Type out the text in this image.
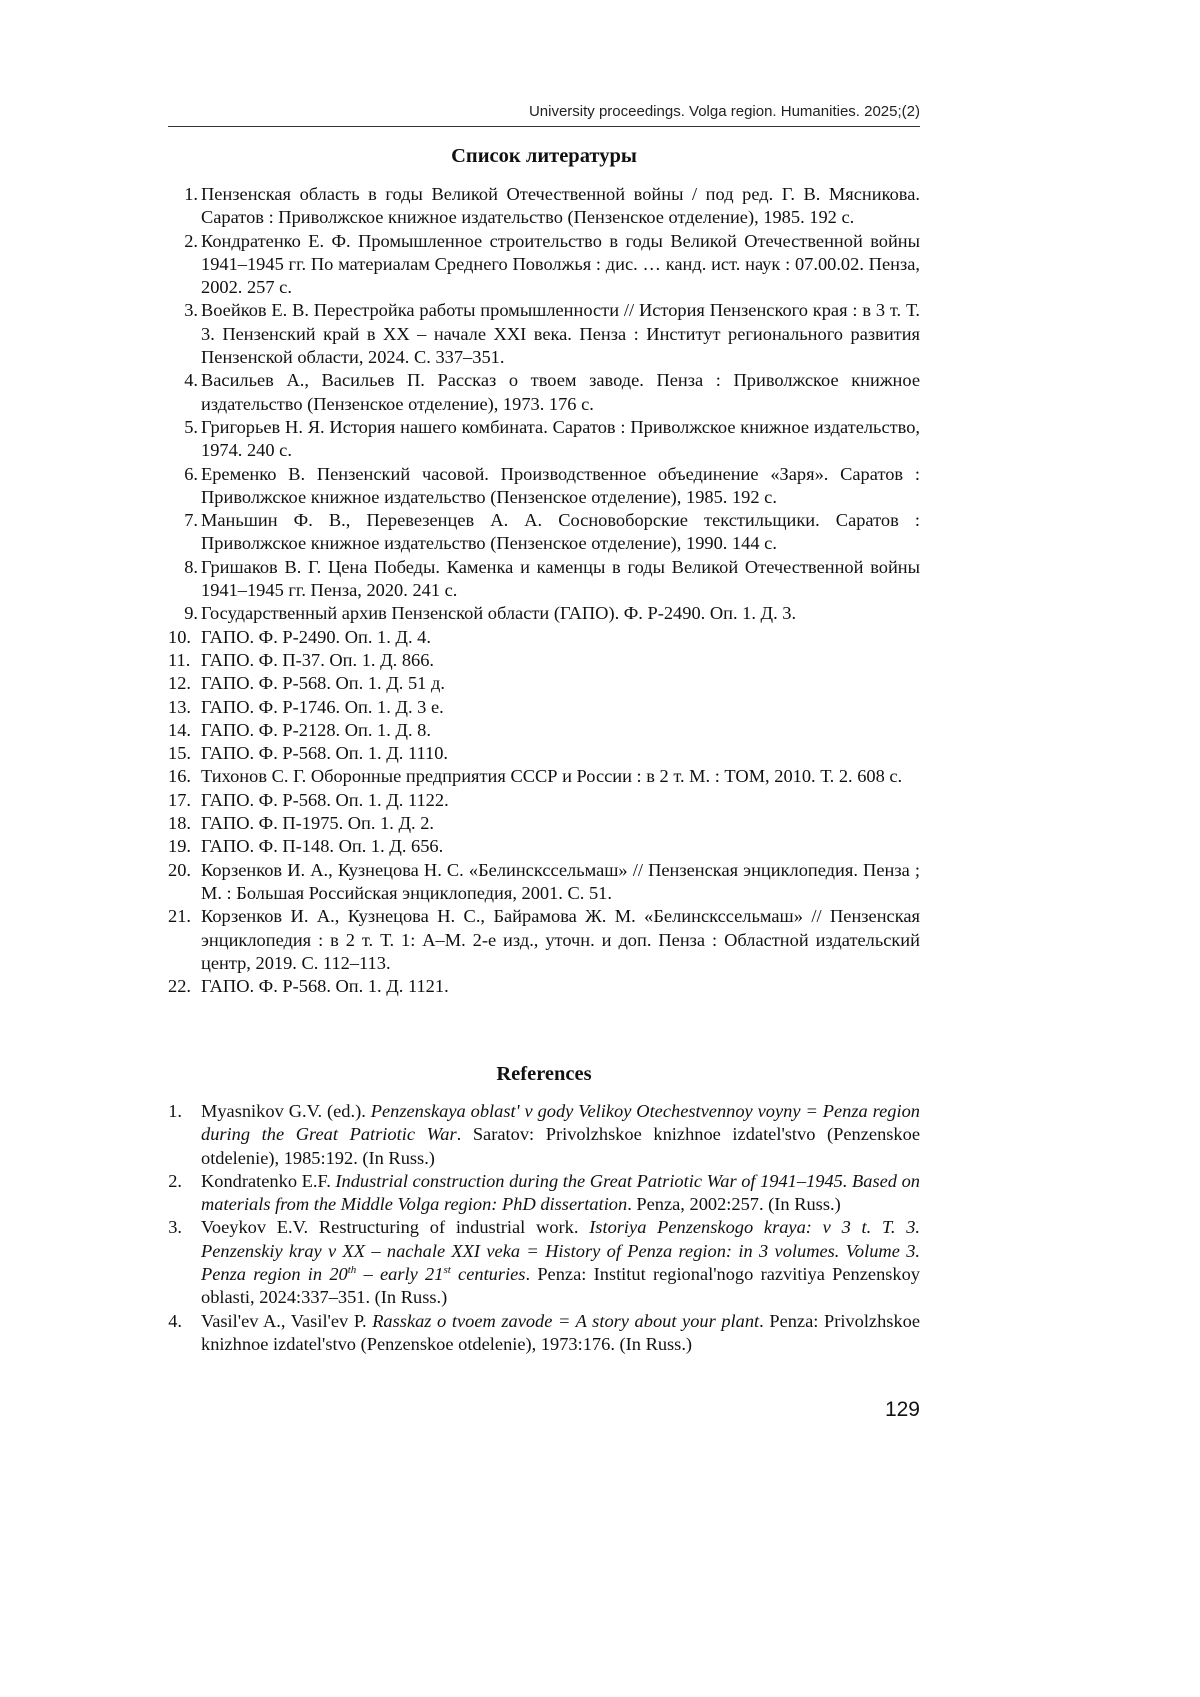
University proceedings. Volga region. Humanities. 2025;(2)
Список литературы
1. Пензенская область в годы Великой Отечественной войны / под ред. Г. В. Мясникова. Саратов : Приволжское книжное издательство (Пензенское отделение), 1985. 192 с.
2. Кондратенко Е. Ф. Промышленное строительство в годы Великой Отечественной войны 1941–1945 гг. По материалам Среднего Поволжья : дис. … канд. ист. наук : 07.00.02. Пенза, 2002. 257 с.
3. Воейков Е. В. Перестройка работы промышленности // История Пензенского края : в 3 т. Т. 3. Пензенский край в XX – начале XXI века. Пенза : Институт регионального развития Пензенской области, 2024. С. 337–351.
4. Васильев А., Васильев П. Рассказ о твоем заводе. Пенза : Приволжское книжное издательство (Пензенское отделение), 1973. 176 с.
5. Григорьев Н. Я. История нашего комбината. Саратов : Приволжское книжное издательство, 1974. 240 с.
6. Еременко В. Пензенский часовой. Производственное объединение «Заря». Саратов : Приволжское книжное издательство (Пензенское отделение), 1985. 192 с.
7. Маньшин Ф. В., Перевезенцев А. А. Сосновоборские текстильщики. Саратов : Приволжское книжное издательство (Пензенское отделение), 1990. 144 с.
8. Гришаков В. Г. Цена Победы. Каменка и каменцы в годы Великой Отечественной войны 1941–1945 гг. Пенза, 2020. 241 с.
9. Государственный архив Пензенской области (ГАПО). Ф. Р-2490. Оп. 1. Д. 3.
10. ГАПО. Ф. Р-2490. Оп. 1. Д. 4.
11. ГАПО. Ф. П-37. Оп. 1. Д. 866.
12. ГАПО. Ф. Р-568. Оп. 1. Д. 51 д.
13. ГАПО. Ф. Р-1746. Оп. 1. Д. 3 е.
14. ГАПО. Ф. Р-2128. Оп. 1. Д. 8.
15. ГАПО. Ф. Р-568. Оп. 1. Д. 1110.
16. Тихонов С. Г. Оборонные предприятия СССР и России : в 2 т. М. : ТОМ, 2010. Т. 2. 608 с.
17. ГАПО. Ф. Р-568. Оп. 1. Д. 1122.
18. ГАПО. Ф. П-1975. Оп. 1. Д. 2.
19. ГАПО. Ф. П-148. Оп. 1. Д. 656.
20. Корзенков И. А., Кузнецова Н. С. «Белинскссельмаш» // Пензенская энциклопедия. Пенза ; М. : Большая Российская энциклопедия, 2001. С. 51.
21. Корзенков И. А., Кузнецова Н. С., Байрамова Ж. М. «Белинскссельмаш» // Пензенская энциклопедия : в 2 т. Т. 1: А–М. 2-е изд., уточн. и доп. Пенза : Областной издательский центр, 2019. С. 112–113.
22. ГАПО. Ф. Р-568. Оп. 1. Д. 1121.
References
1. Myasnikov G.V. (ed.). Penzenskaya oblast' v gody Velikoy Otechestvennoy voyny = Penza region during the Great Patriotic War. Saratov: Privolzhskoe knizhnoe izdatel'stvo (Penzenskoe otdelenie), 1985:192. (In Russ.)
2. Kondratenko E.F. Industrial construction during the Great Patriotic War of 1941–1945. Based on materials from the Middle Volga region: PhD dissertation. Penza, 2002:257. (In Russ.)
3. Voeykov E.V. Restructuring of industrial work. Istoriya Penzenskogo kraya: v 3 t. T. 3. Penzenskiy kray v XX – nachale XXI veka = History of Penza region: in 3 volumes. Volume 3. Penza region in 20th – early 21st centuries. Penza: Institut regional'nogo razvitiya Penzenskoy oblasti, 2024:337–351. (In Russ.)
4. Vasil'ev A., Vasil'ev P. Rasskaz o tvoem zavode = A story about your plant. Penza: Privolzhskoe knizhnoe izdatel'stvo (Penzenskoe otdelenie), 1973:176. (In Russ.)
129
